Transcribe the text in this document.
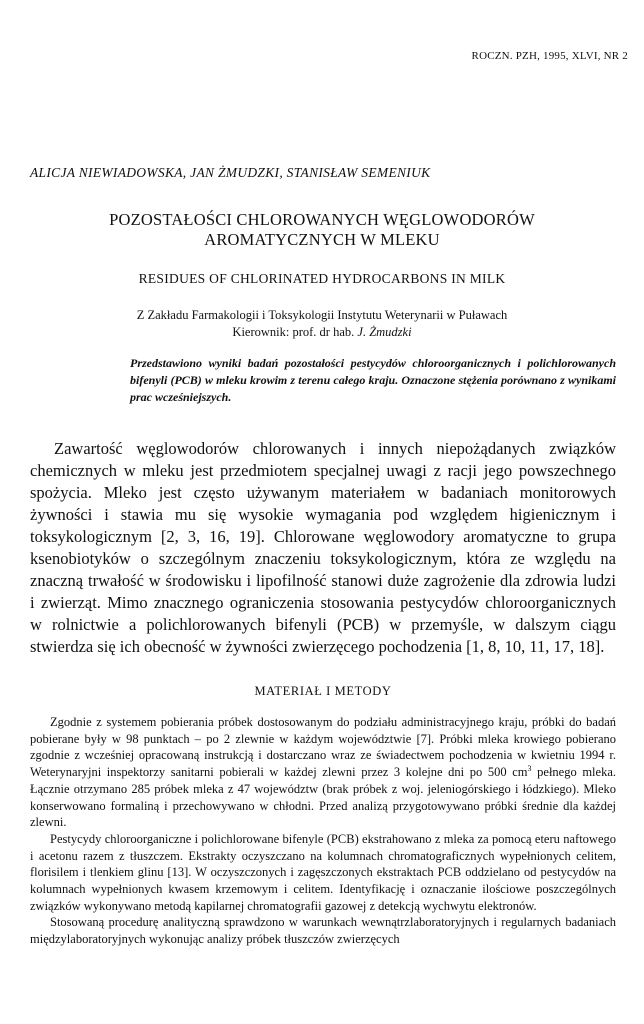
ROCZN. PZH, 1995, XLVI, NR 2
ALICJA NIEWIADOWSKA, JAN ŻMUDZKI, STANISŁAW SEMENIUK
POZOSTAŁOŚCI CHLOROWANYCH WĘGLOWODORÓW
AROMATYCZNYCH W MLEKU
RESIDUES OF CHLORINATED HYDROCARBONS IN MILK
Z Zakładu Farmakologii i Toksykologii Instytutu Weterynarii w Puławach
Kierownik: prof. dr hab. J. Żmudzki
Przedstawiono wyniki badań pozostałości pestycydów chloroorganicznych i polichlorowanych bifenyli (PCB) w mleku krowim z terenu całego kraju. Oznaczone stężenia porównano z wynikami prac wcześniejszych.
Zawartość węglowodorów chlorowanych i innych niepożądanych związków chemicznych w mleku jest przedmiotem specjalnej uwagi z racji jego powszechnego spożycia. Mleko jest często używanym materiałem w badaniach monitorowych żywności i stawia mu się wysokie wymagania pod względem higienicznym i toksykologicznym [2, 3, 16, 19]. Chlorowane węglowodory aromatyczne to grupa ksenobiotyków o szczególnym znaczeniu toksykologicznym, która ze względu na znaczną trwałość w środowisku i lipofilność stanowi duże zagrożenie dla zdrowia ludzi i zwierząt. Mimo znacznego ograniczenia stosowania pestycydów chloroorganicznych w rolnictwie a polichlorowanych bifenyli (PCB) w przemyśle, w dalszym ciągu stwierdza się ich obecność w żywności zwierzęcego pochodzenia [1, 8, 10, 11, 17, 18].
MATERIAŁ I METODY

Zgodnie z systemem pobierania próbek dostosowanym do podziału administracyjnego kraju, próbki do badań pobierane były w 98 punktach – po 2 zlewnie w każdym województwie [7]. Próbki mleka krowiego pobierano zgodnie z wcześniej opracowaną instrukcją i dostarczano wraz ze świadectwem pochodzenia w kwietniu 1994 r. Weterynaryjni inspektorzy sanitarni pobierali w każdej zlewni przez 3 kolejne dni po 500 $cm^3$ pełnego mleka. Łącznie otrzymano 285 próbek mleka z 47 województw (brak próbek z woj. jeleniogórskiego i łódzkiego). Mleko konserwowano formaliną i przechowywano w chłodni. Przed analizą przygotowywano próbki średnie dla każdej zlewni.

Pestycydy chloroorganiczne i polichlorowane bifenyle (PCB) ekstrahowano z mleka za pomocą eteru naftowego i acetonu razem z tłuszczem. Ekstrakty oczyszczano na kolumnach chromatograficznych wypełnionych celitem, florisilem i tlenkiem glinu [13]. W oczyszczonych i zagęszczonych ekstraktach PCB oddzielano od pestycydów na kolumnach wypełnionych kwasem krzemowym i celitem. Identyfikację i oznaczanie ilościowe poszczególnych związków wykonywano metodą kapilarnej chromatografii gazowej z detekcją wychwytu elektronów.

Stosowaną procedurę analityczną sprawdzono w warunkach wewnątrzlaboratoryjnych i regularnych badaniach międzylaboratoryjnych wykonując analizy próbek tłuszczów zwierzęcych
